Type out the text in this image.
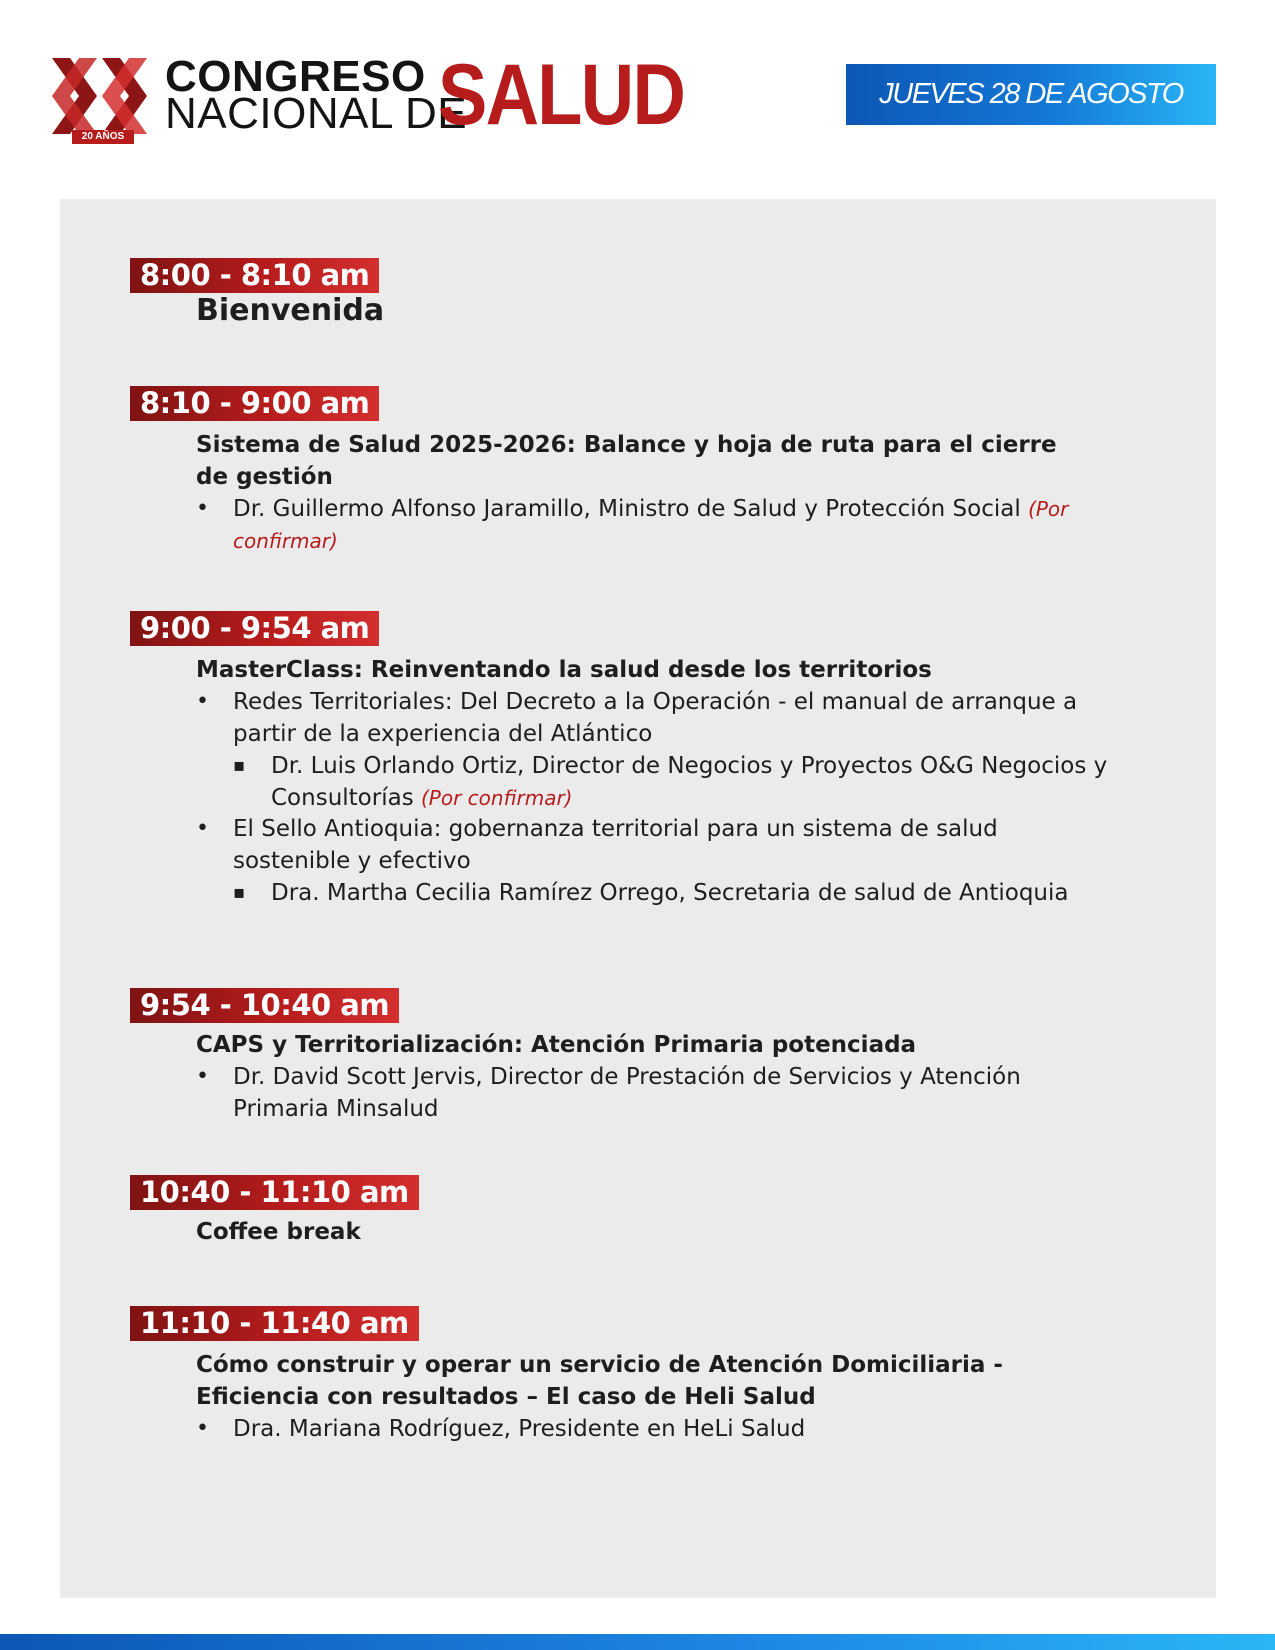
20 AÑOS
CONGRESO
NACIONAL DE
SALUD	JUEVES 28 DE AGOSTO
8:00 - 8:10 am
Bienvenida
8:10 - 9:00 am
Sistema de Salud 2025-2026: Balance y hoja de ruta para el cierre de gestión
• Dr. Guillermo Alfonso Jaramillo, Ministro de Salud y Protección Social (Por confirmar)
9:00 - 9:54 am
MasterClass: Reinventando la salud desde los territorios
• Redes Territoriales: Del Decreto a la Operación - el manual de arranque a partir de la experiencia del Atlántico
▪ Dr. Luis Orlando Ortiz, Director de Negocios y Proyectos O&G Negocios y Consultorías (Por confirmar)
• El Sello Antioquia: gobernanza territorial para un sistema de salud sostenible y efectivo
▪ Dra. Martha Cecilia Ramírez Orrego, Secretaria de salud de Antioquia
9:54 - 10:40 am
CAPS y Territorialización: Atención Primaria potenciada
• Dr. David Scott Jervis, Director de Prestación de Servicios y Atención Primaria Minsalud
10:40 - 11:10 am
Coffee break
11:10 - 11:40 am
Cómo construir y operar un servicio de Atención Domiciliaria - Eficiencia con resultados – El caso de Heli Salud
• Dra. Mariana Rodríguez, Presidente en HeLi Salud
